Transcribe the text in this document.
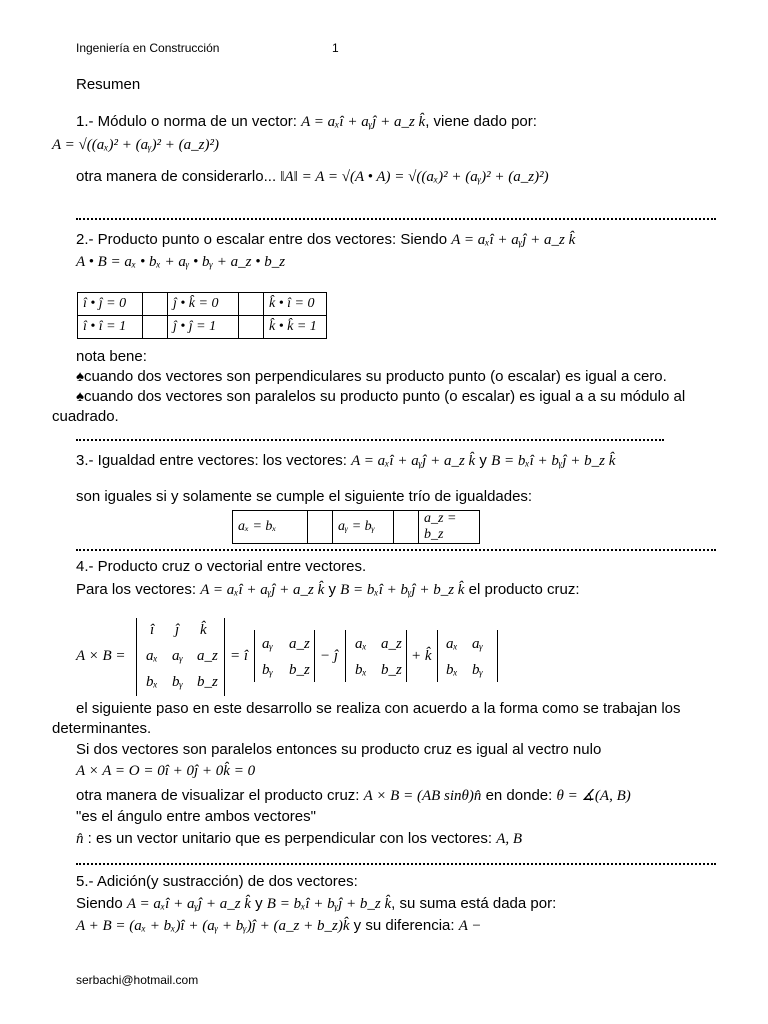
Ingeniería en Construcción	1
Resumen
1.- Módulo o norma de un vector: A = aₓî + aᵧĵ + a_z k̂, viene dado por:
A = √((aₓ)² + (aᵧ)² + (a_z)²)
otra manera de considerarlo... ‖A‖ = A = √(A • A) = √((aₓ)² + (aᵧ)² + (a_z)²)
2.- Producto punto o escalar entre dos vectores: Siendo A = aₓî + aᵧĵ + a_z k̂
A • B = aₓ • bₓ + aᵧ • bᵧ + a_z • b_z
î • ĵ = 0		ĵ • k̂ = 0		k̂ • î = 0
î • î = 1		ĵ • ĵ = 1		k̂ • k̂ = 1
nota bene:
♠cuando dos vectores son perpendiculares su producto punto (o escalar) es igual a cero.
♠cuando dos vectores son paralelos su producto punto (o escalar) es igual a a su módulo al
cuadrado.
3.- Igualdad entre vectores: los vectores: A = aₓî + aᵧĵ + a_z k̂ y B = bₓî + bᵧĵ + b_z k̂
son iguales si y solamente se cumple el siguiente trío de igualdades:
aₓ = bₓ		aᵧ = bᵧ		a_z = b_z
4.- Producto cruz o vectorial entre vectores.
Para los vectores: A = aₓî + aᵧĵ + a_z k̂ y B = bₓî + bᵧĵ + b_z k̂ el producto cruz:
A × B =
î ĵ k̂
aₓ aᵧ a_z
bₓ bᵧ b_z
= î
aᵧ a_z
bᵧ b_z
− ĵ
aₓ a_z
bₓ b_z
+ k̂
aₓ aᵧ
bₓ bᵧ
el siguiente paso en este desarrollo se realiza con acuerdo a la forma como se trabajan los
determinantes.
Si dos vectores son paralelos entonces su producto cruz es igual al vectro nulo
A × A = O = 0î + 0ĵ + 0k̂ = 0
otra manera de visualizar el producto cruz: A × B = (AB sinθ)n̂ en donde: θ = ∡(A, B)
"es el ángulo entre ambos vectores"
n̂ : es un vector unitario que es perpendicular con los vectores: A, B
5.- Adición(y sustracción) de dos vectores:
Siendo A = aₓî + aᵧĵ + a_z k̂ y B = bₓî + bᵧĵ + b_z k̂, su suma está dada por:
A + B = (aₓ + bₓ)î + (aᵧ + bᵧ)ĵ + (a_z + b_z)k̂ y su diferencia: A −
serbachi@hotmail.com
